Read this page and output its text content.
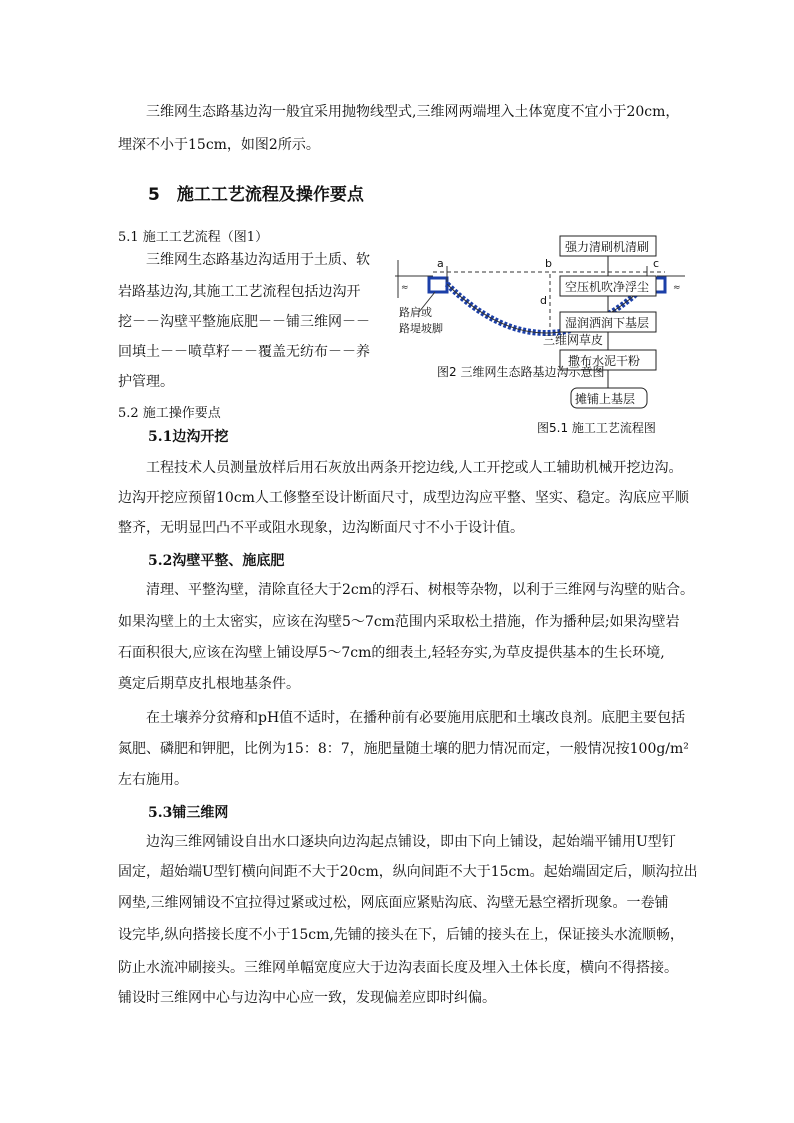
　　三维网生态路基边沟一般宜采用抛物线型式,三维网两端埋入土体宽度不宜小于20cm，
埋深不小于15cm，如图2所示。
5　施工工艺流程及操作要点
5.1 施工工艺流程（图1）
　　三维网生态路基边沟适用于土质、软
岩路基边沟,其施工工艺流程包括边沟开
挖－－沟壁平整施底肥－－铺三维网－－
回填土－－喷草籽－－覆盖无纺布－－养
护管理。
5.2 施工操作要点
5.1边沟开挖
≈	≈
a	b	c
d
路肩或
路堤坡脚
强力清刷机清刷
空压机吹净浮尘
湿润洒润下基层
三维网草皮
撒布水泥干粉
图2 三维网生态路基边沟示意图
摊铺上基层
图5.1 施工工艺流程图
　　工程技术人员测量放样后用石灰放出两条开挖边线,人工开挖或人工辅助机械开挖边沟。
边沟开挖应预留10cm人工修整至设计断面尺寸，成型边沟应平整、坚实、稳定。沟底应平顺
整齐，无明显凹凸不平或阻水现象，边沟断面尺寸不小于设计值。
5.2沟壁平整、施底肥
　　清理、平整沟壁，清除直径大于2cm的浮石、树根等杂物，以利于三维网与沟壁的贴合。
如果沟壁上的土太密实，应该在沟壁5～7cm范围内采取松土措施，作为播种层;如果沟壁岩
石面积很大,应该在沟壁上铺设厚5～7cm的细表土,轻轻夯实,为草皮提供基本的生长环境,
奠定后期草皮扎根地基条件。
　　在土壤养分贫瘠和pH值不适时，在播种前有必要施用底肥和土壤改良剂。底肥主要包括
氮肥、磷肥和钾肥，比例为15：8：7，施肥量随土壤的肥力情况而定，一般情况按100g/m²
左右施用。
5.3铺三维网
　　边沟三维网铺设自出水口逐块向边沟起点铺设，即由下向上铺设，起始端平铺用U型钉
固定，超始端U型钉横向间距不大于20cm，纵向间距不大于15cm。起始端固定后，顺沟拉出
网垫,三维网铺设不宜拉得过紧或过松，网底面应紧贴沟底、沟壁无悬空褶折现象。一卷铺
设完毕,纵向搭接长度不小于15cm,先铺的接头在下，后铺的接头在上，保证接头水流顺畅，
防止水流冲刷接头。三维网单幅宽度应大于边沟表面长度及埋入土体长度，横向不得搭接。
铺设时三维网中心与边沟中心应一致，发现偏差应即时纠偏。
